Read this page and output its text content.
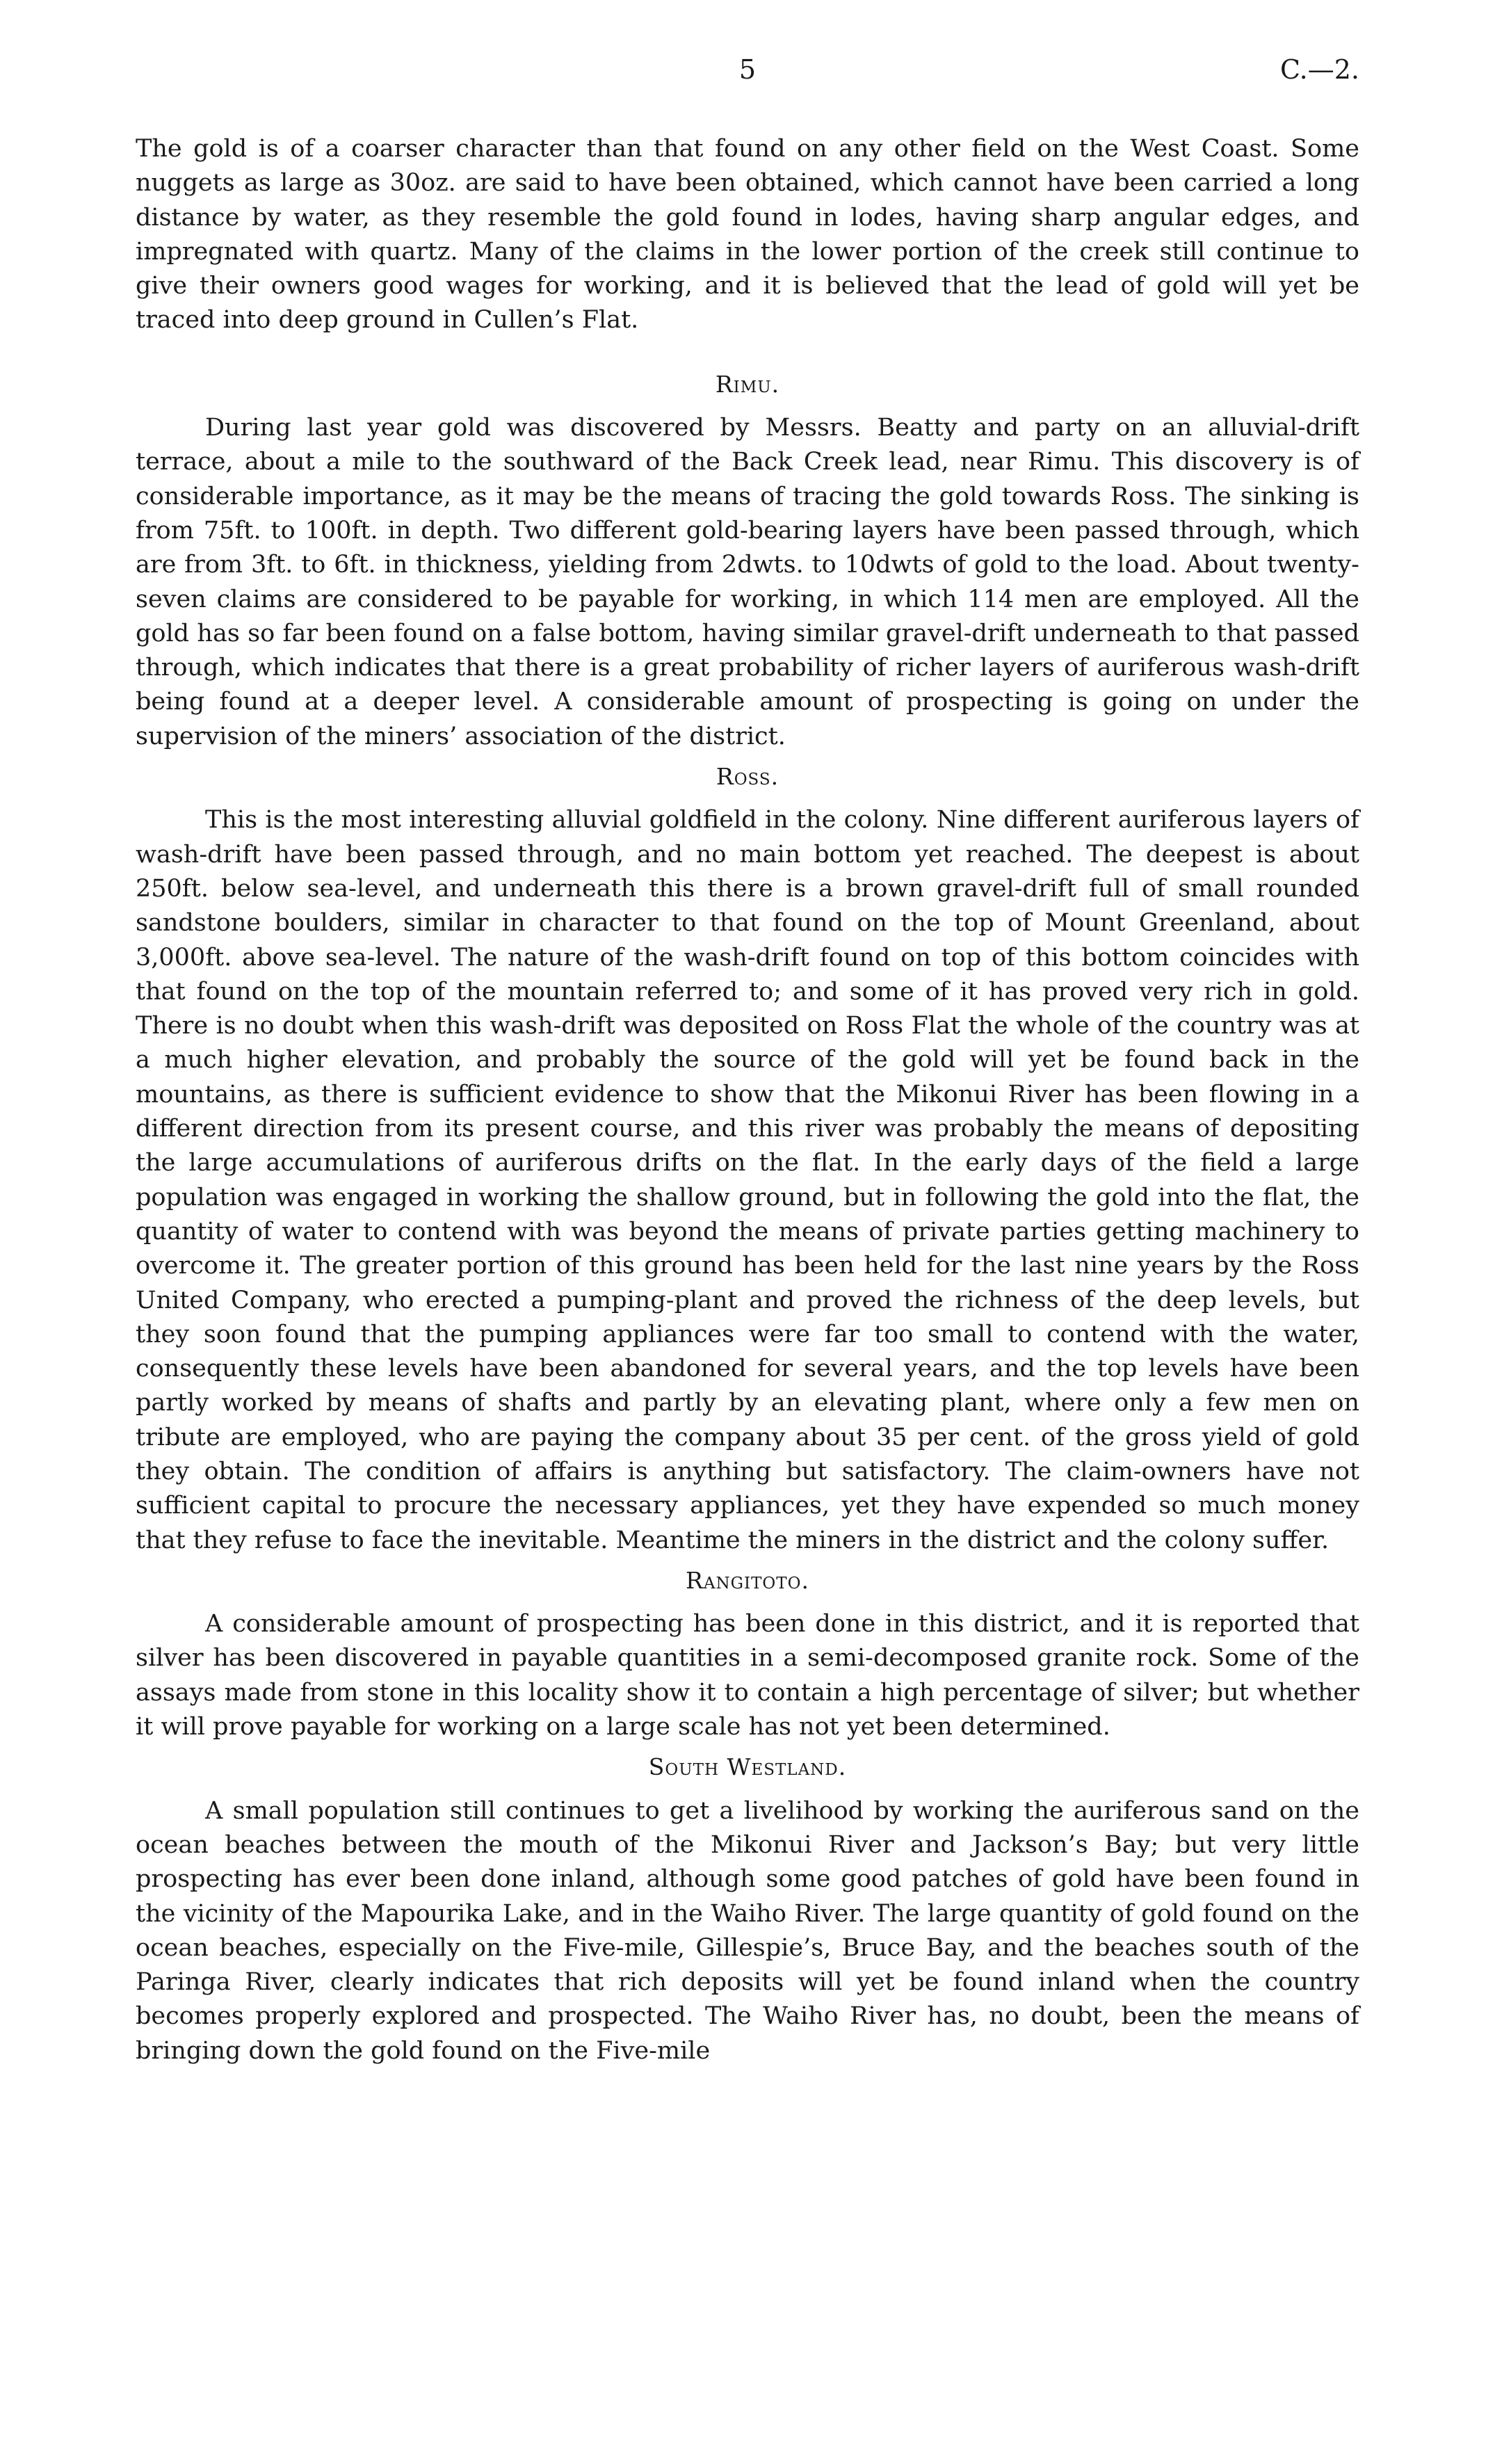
5	C.—2.

The gold is of a coarser character than that found on any other field on the West Coast. Some nuggets as large as 30oz. are said to have been obtained, which cannot have been carried a long distance by water, as they resemble the gold found in lodes, having sharp angular edges, and impregnated with quartz. Many of the claims in the lower portion of the creek still continue to give their owners good wages for working, and it is believed that the lead of gold will yet be traced into deep ground in Cullen’s Flat.

Rimu.

During last year gold was discovered by Messrs. Beatty and party on an alluvial-drift terrace, about a mile to the southward of the Back Creek lead, near Rimu. This discovery is of considerable importance, as it may be the means of tracing the gold towards Ross. The sinking is from 75ft. to 100ft. in depth. Two different gold-bearing layers have been passed through, which are from 3ft. to 6ft. in thickness, yielding from 2dwts. to 10dwts of gold to the load. About twenty-seven claims are considered to be payable for working, in which 114 men are employed. All the gold has so far been found on a false bottom, having similar gravel-drift underneath to that passed through, which indicates that there is a great probability of richer layers of auriferous wash-drift being found at a deeper level. A considerable amount of prospecting is going on under the supervision of the miners’ association of the district.

Ross.

This is the most interesting alluvial goldfield in the colony. Nine different auriferous layers of wash-drift have been passed through, and no main bottom yet reached. The deepest is about 250ft. below sea-level, and underneath this there is a brown gravel-drift full of small rounded sandstone boulders, similar in character to that found on the top of Mount Greenland, about 3,000ft. above sea-level. The nature of the wash-drift found on top of this bottom coincides with that found on the top of the mountain referred to; and some of it has proved very rich in gold. There is no doubt when this wash-drift was deposited on Ross Flat the whole of the country was at a much higher elevation, and probably the source of the gold will yet be found back in the mountains, as there is sufficient evidence to show that the Mikonui River has been flowing in a different direction from its present course, and this river was probably the means of depositing the large accumulations of auriferous drifts on the flat. In the early days of the field a large population was engaged in working the shallow ground, but in following the gold into the flat, the quantity of water to contend with was beyond the means of private parties getting machinery to overcome it. The greater portion of this ground has been held for the last nine years by the Ross United Company, who erected a pumping-plant and proved the richness of the deep levels, but they soon found that the pumping appliances were far too small to contend with the water, consequently these levels have been abandoned for several years, and the top levels have been partly worked by means of shafts and partly by an elevating plant, where only a few men on tribute are employed, who are paying the company about 35 per cent. of the gross yield of gold they obtain. The condition of affairs is anything but satisfactory. The claim-owners have not sufficient capital to procure the necessary appliances, yet they have expended so much money that they refuse to face the inevitable. Meantime the miners in the district and the colony suffer.

Rangitoto.

A considerable amount of prospecting has been done in this district, and it is reported that silver has been discovered in payable quantities in a semi-decomposed granite rock. Some of the assays made from stone in this locality show it to contain a high percentage of silver; but whether it will prove payable for working on a large scale has not yet been determined.

South Westland.

A small population still continues to get a livelihood by working the auriferous sand on the ocean beaches between the mouth of the Mikonui River and Jackson’s Bay; but very little prospecting has ever been done inland, although some good patches of gold have been found in the vicinity of the Mapourika Lake, and in the Waiho River. The large quantity of gold found on the ocean beaches, especially on the Five-mile, Gillespie’s, Bruce Bay, and the beaches south of the Paringa River, clearly indicates that rich deposits will yet be found inland when the country becomes properly explored and prospected. The Waiho River has, no doubt, been the means of bringing down the gold found on the Five-mile
